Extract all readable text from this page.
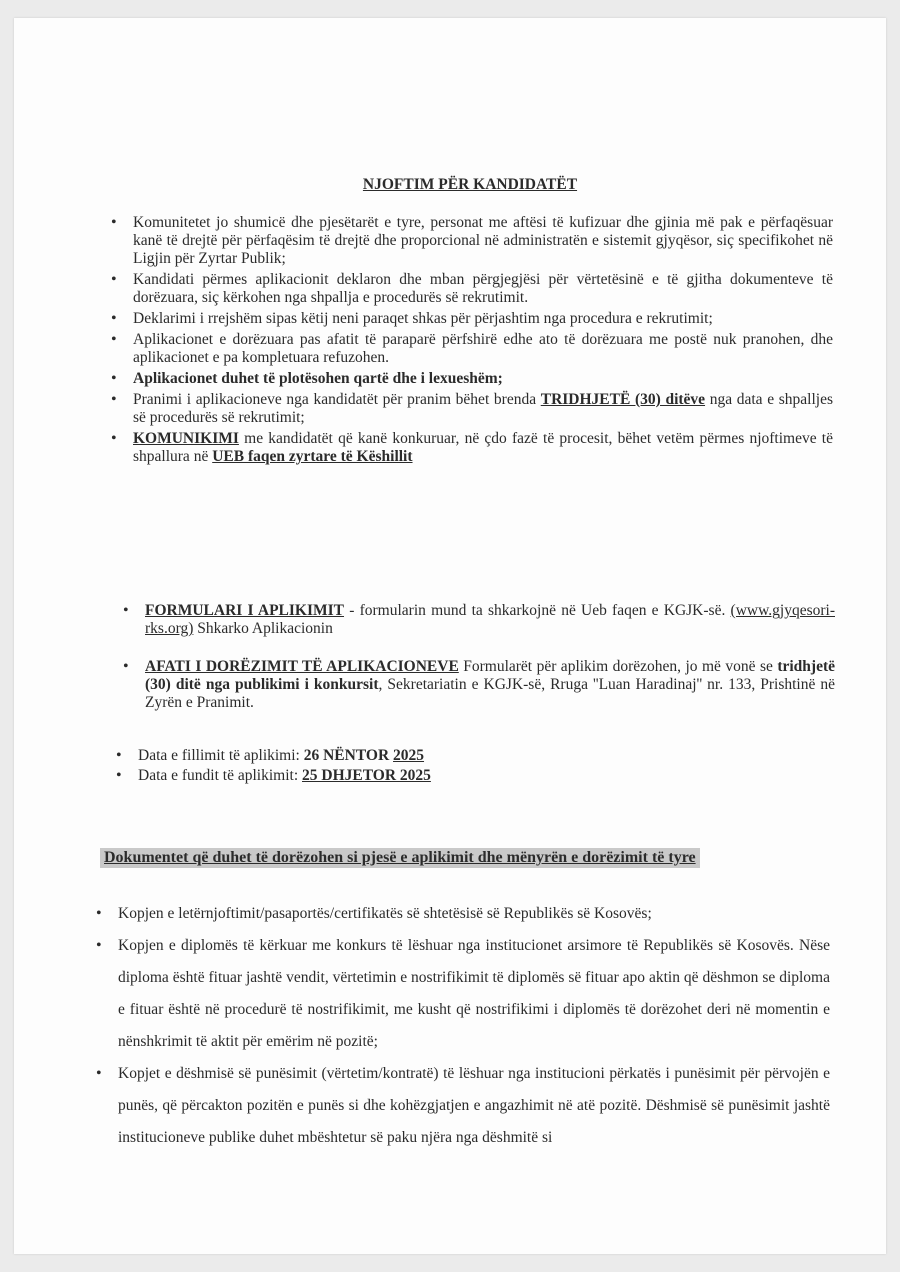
NJOFTIM PËR KANDIDATËT
• Komunitetet jo shumicë dhe pjesëtarët e tyre, personat me aftësi të kufizuar dhe gjinia më pak e përfaqësuar kanë të drejtë për përfaqësim të drejtë dhe proporcional në administratën e sistemit gjyqësor, siç specifikohet në Ligjin për Zyrtar Publik;
• Kandidati përmes aplikacionit deklaron dhe mban përgjegjësi për vërtetësinë e të gjitha dokumenteve të dorëzuara, siç kërkohen nga shpallja e procedurës së rekrutimit.
• Deklarimi i rrejshëm sipas këtij neni paraqet shkas për përjashtim nga procedura e rekrutimit;
• Aplikacionet e dorëzuara pas afatit të paraparë përfshirë edhe ato të dorëzuara me postë nuk pranohen, dhe aplikacionet e pa kompletuara refuzohen.
• Aplikacionet duhet të plotësohen qartë dhe i lexueshëm;
• Pranimi i aplikacioneve nga kandidatët për pranim bëhet brenda TRIDHJETË (30) ditëve nga data e shpalljes së procedurës së rekrutimit;
• KOMUNIKIMI me kandidatët që kanë konkuruar, në çdo fazë të procesit, bëhet vetëm përmes njoftimeve të shpallura në UEB faqen zyrtare të Këshillit
• FORMULARI I APLIKIMIT - formularin mund ta shkarkojnë në Ueb faqen e KGJK-së. (www.gjyqesori-rks.org) Shkarko Aplikacionin
• AFATI I DORËZIMIT TË APLIKACIONEVE Formularët për aplikim dorëzohen, jo më vonë se tridhjetë (30) ditë nga publikimi i konkursit, Sekretariatin e KGJK-së, Rruga ''Luan Haradinaj'' nr. 133, Prishtinë në Zyrën e Pranimit.
• Data e fillimit të aplikimi: 26 NËNTOR 2025
• Data e fundit të aplikimit: 25 DHJETOR 2025
Dokumentet që duhet të dorëzohen si pjesë e aplikimit dhe mënyrën e dorëzimit të tyre
• Kopjen e letërnjoftimit/pasaportës/certifikatës së shtetësisë së Republikës së Kosovës;
• Kopjen e diplomës të kërkuar me konkurs të lëshuar nga institucionet arsimore të Republikës së Kosovës. Nëse diploma është fituar jashtë vendit, vërtetimin e nostrifikimit të diplomës së fituar apo aktin që dëshmon se diploma e fituar është në procedurë të nostrifikimit, me kusht që nostrifikimi i diplomës të dorëzohet deri në momentin e nënshkrimit të aktit për emërim në pozitë;
• Kopjet e dëshmisë së punësimit (vërtetim/kontratë) të lëshuar nga institucioni përkatës i punësimit për përvojën e punës, që përcakton pozitën e punës si dhe kohëzgjatjen e angazhimit në atë pozitë. Dëshmisë së punësimit jashtë institucioneve publike duhet mbështetur së paku njëra nga dëshmitë si
